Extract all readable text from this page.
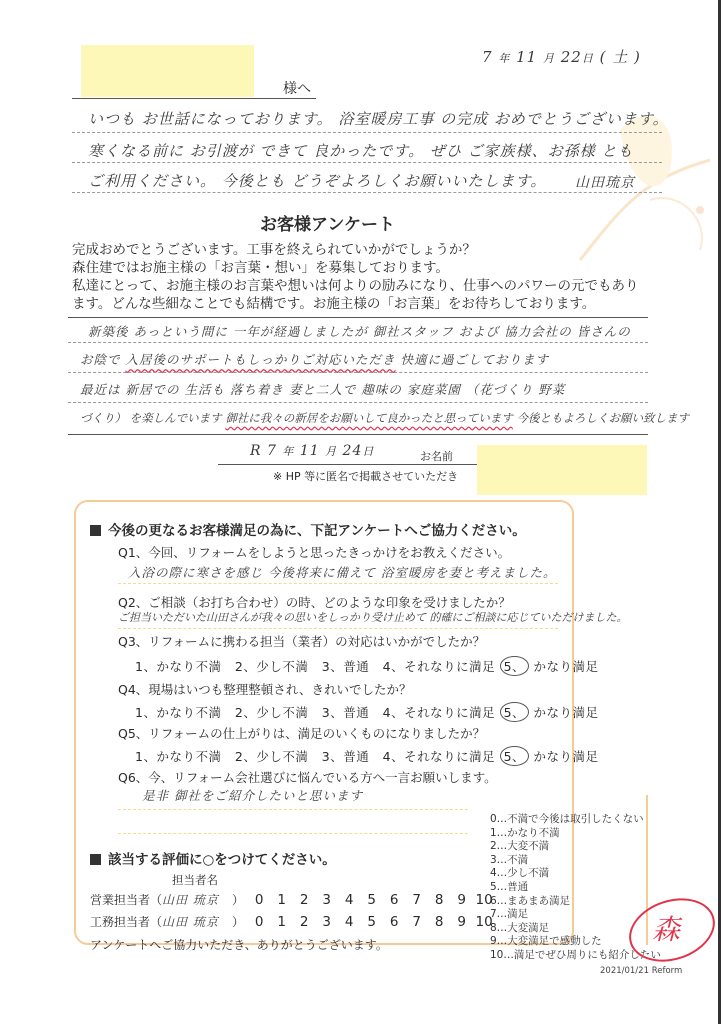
様へ
7 年 11 月 22日 ( 土 )
いつも お世話になっております。 浴室暖房工事 の完成 おめでとうございます。
寒くなる前に お引渡が できて 良かったです。 ぜひ ご家族様、お孫様 とも
ご利用ください。 今後とも どうぞよろしくお願いいたします。 山田琉京
お客様アンケート
完成おめでとうございます。工事を終えられていかがでしょうか？
森住建ではお施主様の「お言葉・想い」を募集しております。
私達にとって、お施主様のお言葉や想いは何よりの励みになり、仕事へのパワーの元でもあり
ます。どんな些細なことでも結構です。お施主様の「お言葉」をお待ちしております。
新築後 あっという間に 一年が経過しましたが 御社スタッフ および 協力会社の 皆さんの
お陰で 入居後のサポートもしっかりご対応いただき 快適に過ごしております
最近は 新居での 生活も 落ち着き 妻と二人で 趣味の 家庭菜園 （花づくり 野菜
づくり） を楽しんでいます 御社に我々の新居をお願いして良かったと思っています 今後ともよろしくお願い致します
R 7 年 11 月 24日	お名前
※ HP 等に匿名で掲載させていただき
今後の更なるお客様満足の為に、下記アンケートへご協力ください。
Q1、今回、リフォームをしようと思ったきっかけをお教えください。
入浴の際に寒さを感じ 今後将来に備えて 浴室暖房を妻と考えました。
Q2、ご相談（お打ち合わせ）の時、どのような印象を受けましたか？
ご担当いただいた山田さんが我々の思いをしっかり受け止めて 的確にご相談に応じていただけました。
Q3、リフォームに携わる担当（業者）の対応はいかがでしたか？
1、かなり不満 2、少し不満 3、普通 4、それなりに満足 5、 かなり満足
Q4、現場はいつも整理整頓され、きれいでしたか？
1、かなり不満 2、少し不満 3、普通 4、それなりに満足 5、 かなり満足
Q5、リフォームの仕上がりは、満足のいくものになりましたか？
1、かなり不満 2、少し不満 3、普通 4、それなりに満足 5、 かなり満足
Q6、今、リフォーム会社選びに悩んでいる方へ一言お願いします。
是非 御社をご紹介したいと思います
該当する評価に○をつけてください。
担当者名
営業担当者（山田 琉京 ） 0 1 2 3 4 5 6 7 8 9 10
工務担当者（山田 琉京 ） 0 1 2 3 4 5 6 7 8 9 10
アンケートへご協力いただき、ありがとうございます。
0…不満で今後は取引したくない
1…かなり不満
2…大変不満
3…不満
4…少し不満
5…普通
6…まあまあ満足
7…満足
8…大変満足
9…大変満足で感動した
10…満足でぜひ周りにも紹介したい
森
2021/01/21 Reform
